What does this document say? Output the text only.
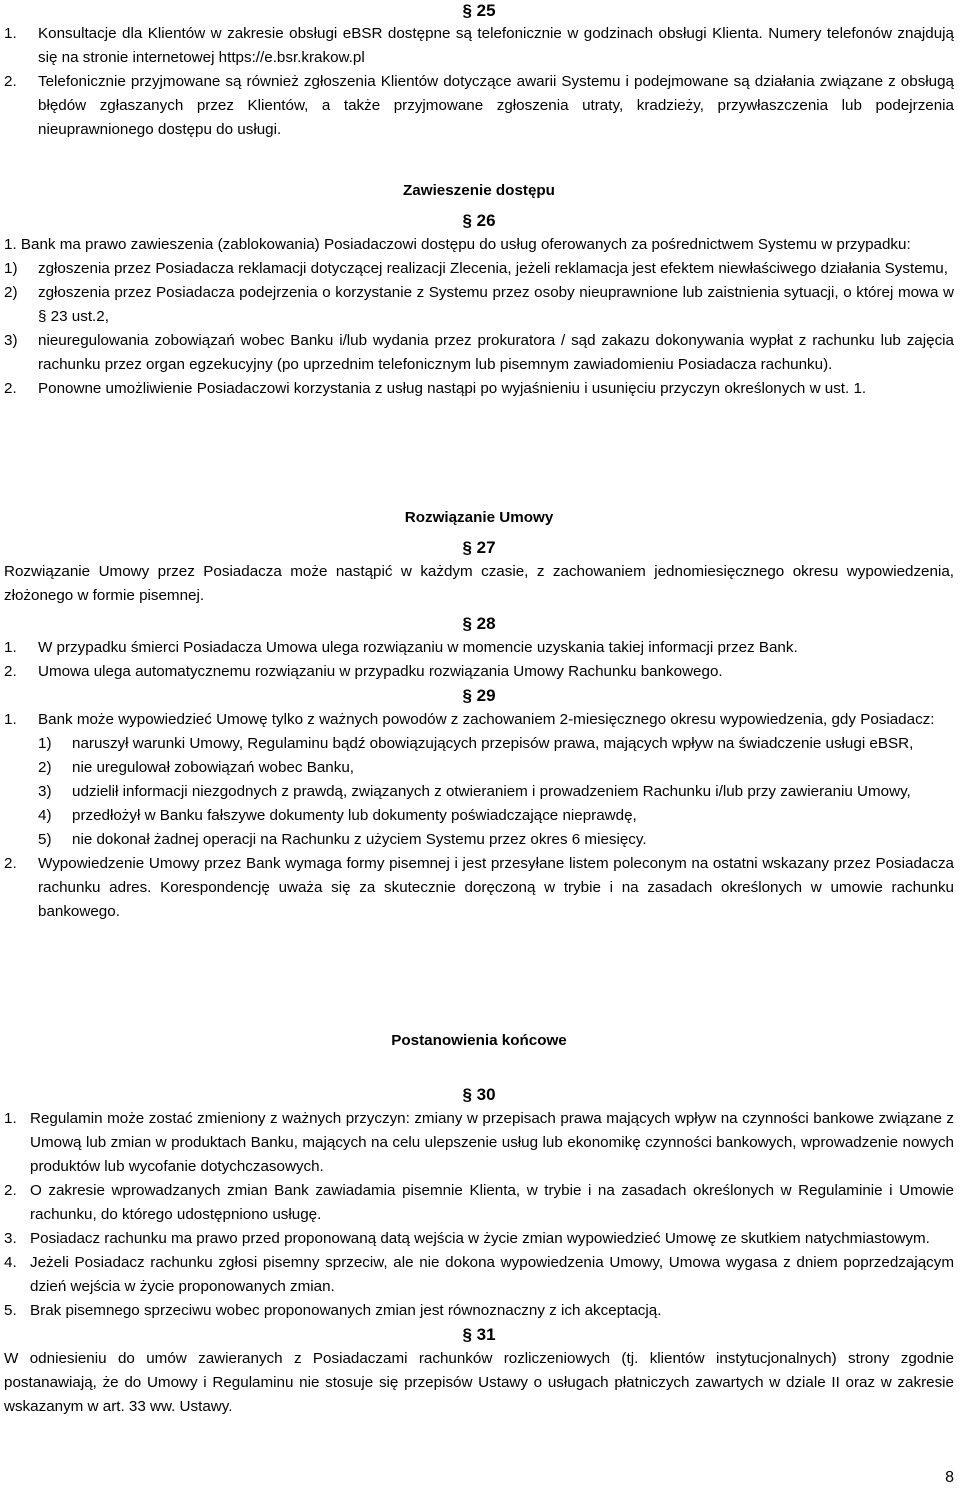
§ 25
1. Konsultacje dla Klientów w zakresie obsługi eBSR dostępne są telefonicznie w godzinach obsługi Klienta. Numery telefonów znajdują się na stronie internetowej https://e.bsr.krakow.pl

2. Telefonicznie przyjmowane są również zgłoszenia Klientów dotyczące awarii Systemu i podejmowane są działania związane z obsługą błędów zgłaszanych przez Klientów, a także przyjmowane zgłoszenia utraty, kradzieży, przywłaszczenia lub podejrzenia nieuprawnionego dostępu do usługi.

Zawieszenie dostępu
§ 26

1. Bank ma prawo zawieszenia (zablokowania) Posiadaczowi dostępu do usług oferowanych za pośrednictwem Systemu w przypadku:

1) zgłoszenia przez Posiadacza reklamacji dotyczącej realizacji Zlecenia, jeżeli reklamacja jest efektem niewłaściwego działania Systemu,

2) zgłoszenia przez Posiadacza podejrzenia o korzystanie z Systemu przez osoby nieuprawnione lub zaistnienia sytuacji, o której mowa w § 23 ust.2,

3) nieuregulowania zobowiązań wobec Banku i/lub wydania przez prokuratora / sąd zakazu dokonywania wypłat z rachunku lub zajęcia rachunku przez organ egzekucyjny (po uprzednim telefonicznym lub pisemnym zawiadomieniu Posiadacza rachunku).

2. Ponowne umożliwienie Posiadaczowi korzystania z usług nastąpi po wyjaśnieniu i usunięciu przyczyn określonych w ust. 1.

Rozwiązanie Umowy
§ 27

Rozwiązanie Umowy przez Posiadacza może nastąpić w każdym czasie, z zachowaniem jednomiesięcznego okresu wypowiedzenia, złożonego w formie pisemnej.

§ 28
1. W przypadku śmierci Posiadacza Umowa ulega rozwiązaniu w momencie uzyskania takiej informacji przez Bank.

2. Umowa ulega automatycznemu rozwiązaniu w przypadku rozwiązania Umowy Rachunku bankowego.

§ 29
1. Bank może wypowiedzieć Umowę tylko z ważnych powodów z zachowaniem 2-miesięcznego okresu wypowiedzenia, gdy Posiadacz:

1) naruszył warunki Umowy, Regulaminu bądź obowiązujących przepisów prawa, mających wpływ na świadczenie usługi eBSR,

2) nie uregulował zobowiązań wobec Banku,

3) udzielił informacji niezgodnych z prawdą, związanych z otwieraniem i prowadzeniem Rachunku i/lub przy zawieraniu Umowy,

4) przedłożył w Banku fałszywe dokumenty lub dokumenty poświadczające nieprawdę,

5) nie dokonał żadnej operacji na Rachunku z użyciem Systemu przez okres 6 miesięcy.

2. Wypowiedzenie Umowy przez Bank wymaga formy pisemnej i jest przesyłane listem poleconym na ostatni wskazany przez Posiadacza rachunku adres. Korespondencję uważa się za skutecznie doręczoną w trybie i na zasadach określonych w umowie rachunku bankowego.

Postanowienia końcowe
§ 30
1. Regulamin może zostać zmieniony z ważnych przyczyn: zmiany w przepisach prawa mających wpływ na czynności bankowe związane z Umową lub zmian w produktach Banku, mających na celu ulepszenie usług lub ekonomikę czynności bankowych, wprowadzenie nowych produktów lub wycofanie dotychczasowych.

2. O zakresie wprowadzanych zmian Bank zawiadamia pisemnie Klienta, w trybie i na zasadach określonych w Regulaminie i Umowie rachunku, do którego udostępniono usługę.

3. Posiadacz rachunku ma prawo przed proponowaną datą wejścia w życie zmian wypowiedzieć Umowę ze skutkiem natychmiastowym.

4. Jeżeli Posiadacz rachunku zgłosi pisemny sprzeciw, ale nie dokona wypowiedzenia Umowy, Umowa wygasa z dniem poprzedzającym dzień wejścia w życie proponowanych zmian.

5. Brak pisemnego sprzeciwu wobec proponowanych zmian jest równoznaczny z ich akceptacją.

§ 31

W odniesieniu do umów zawieranych z Posiadaczami rachunków rozliczeniowych (tj. klientów instytucjonalnych) strony zgodnie postanawiają, że do Umowy i Regulaminu nie stosuje się przepisów Ustawy o usługach płatniczych zawartych w dziale II oraz w zakresie wskazanym w art. 33 ww. Ustawy.

8
